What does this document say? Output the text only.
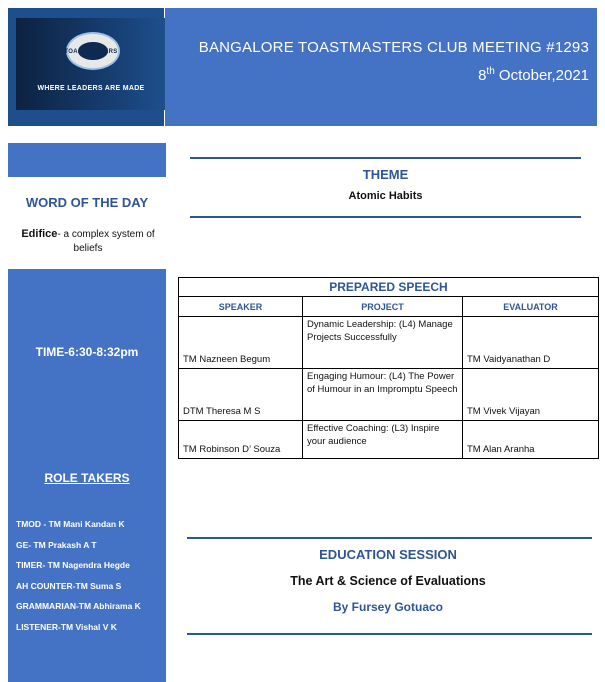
TOASTMASTERS
WHERE LEADERS ARE MADE
BANGALORE TOASTMASTERS CLUB MEETING #1293
8th October,2021
WORD OF THE DAY
Edifice- a complex system of beliefs
TIME-6:30-8:32pm
ROLE TAKERS
TMOD - TM Mani Kandan K
GE- TM Prakash A T
TIMER- TM Nagendra Hegde
AH COUNTER-TM Suma S
GRAMMARIAN-TM Abhirama K
LISTENER-TM Vishal V K
THEME
Atomic Habits
PREPARED SPEECH		
SPEAKER	PROJECT	EVALUATOR
TM Nazneen Begum	Dynamic Leadership: (L4) Manage Projects Successfully	TM Vaidyanathan D
DTM Theresa M S	Engaging Humour: (L4) The Power of Humour in an Impromptu Speech	TM Vivek Vijayan
TM Robinson D’ Souza	Effective Coaching: (L3) Inspire your audience	TM Alan Aranha
EDUCATION SESSION
The Art & Science of Evaluations
By Fursey Gotuaco
